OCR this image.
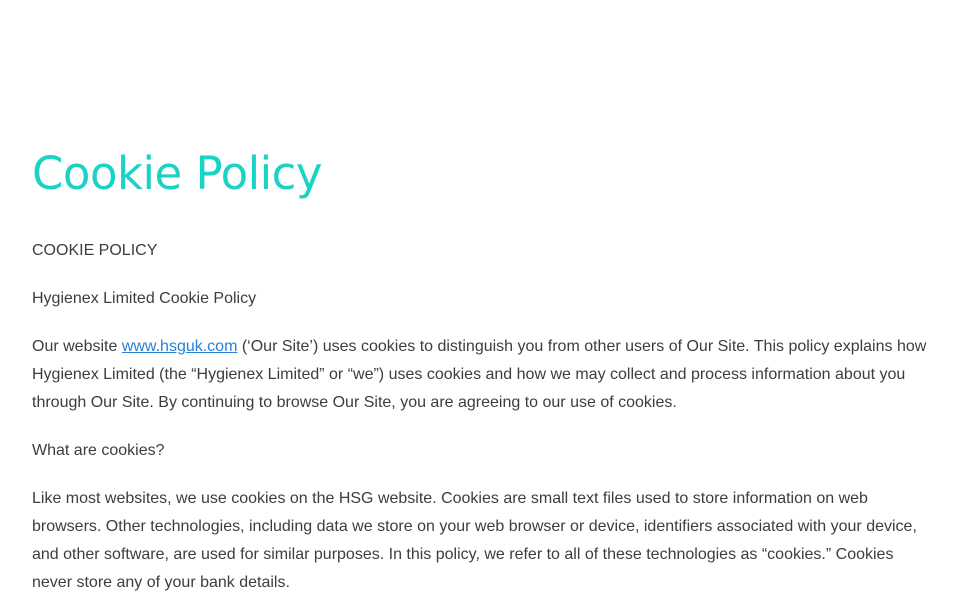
Cookie Policy

COOKIE POLICY

Hygienex Limited Cookie Policy

Our website www.hsguk.com (‘Our Site’) uses cookies to distinguish you from other users of Our Site. This policy explains how Hygienex Limited (the “Hygienex Limited” or “we”) uses cookies and how we may collect and process information about you through Our Site. By continuing to browse Our Site, you are agreeing to our use of cookies.

What are cookies?

Like most websites, we use cookies on the HSG website. Cookies are small text files used to store information on web browsers. Other technologies, including data we store on your web browser or device, identifiers associated with your device, and other software, are used for similar purposes. In this policy, we refer to all of these technologies as “cookies.” Cookies never store any of your bank details.
